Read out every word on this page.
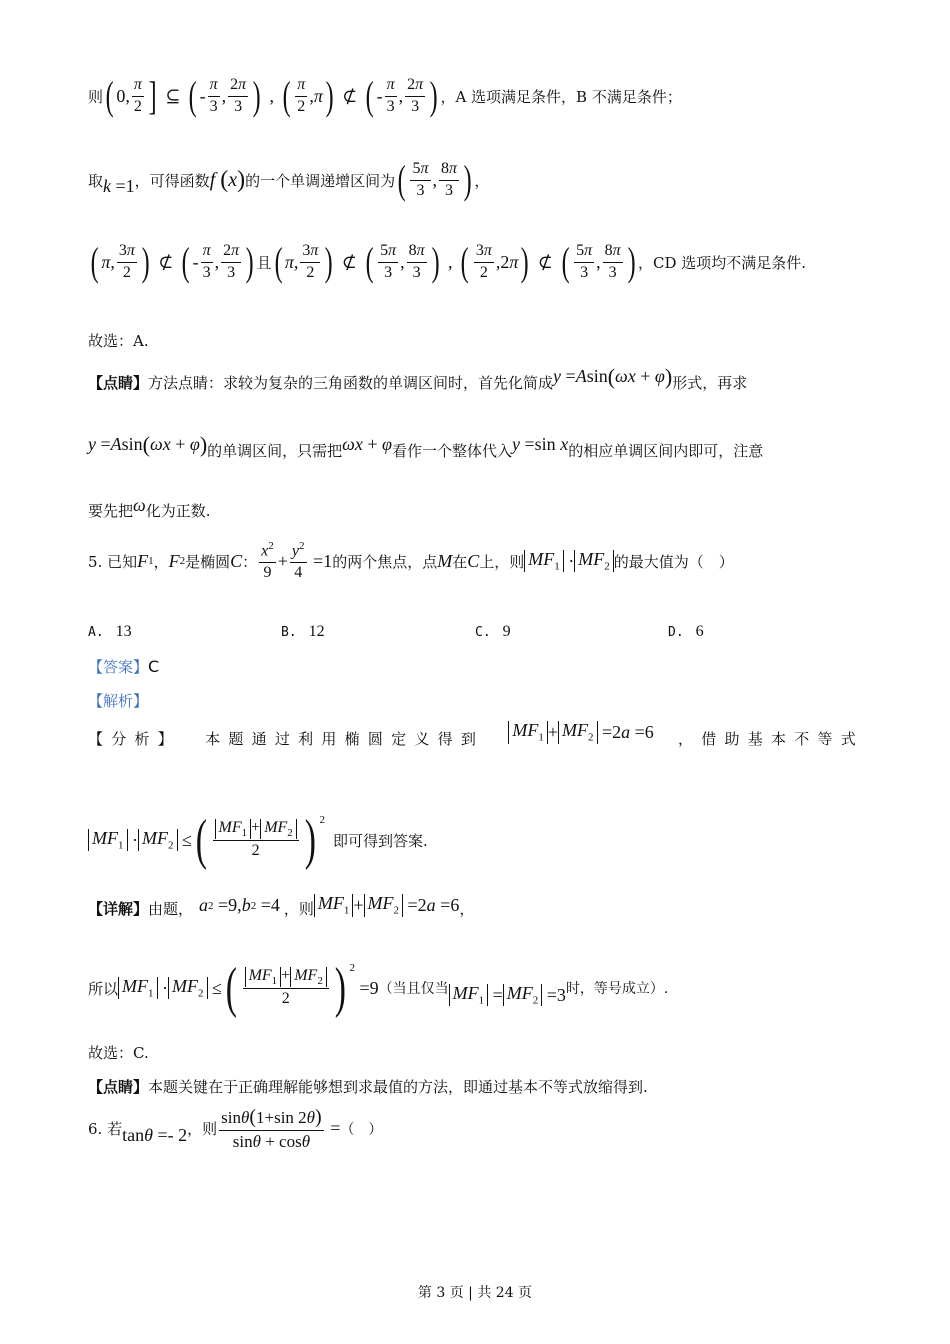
则 ( 0, $\frac{\pi}{2}$ ] ⊆ ( - $\frac{\pi}{3}$ , $\frac{2\pi}{3}$ ) , ( $\frac{\pi}{2}$ , π ) ⊄ ( - $\frac{\pi}{3}$ , $\frac{2\pi}{3}$ ) ，A 选项满足条件，B 不满足条件；
取 k =1 ，可得函数 f
( x ) 的一个单调递增区间为 ( $\frac{5\pi}{3}$ , $\frac{8\pi}{3}$ ) ，
( π , $\frac{3\pi}{2}$ ) ⊄ ( - $\frac{\pi}{3}$ , $\frac{2\pi}{3}$ ) 且 ( π , $\frac{3\pi}{2}$ ) ⊄ ( $\frac{5\pi}{3}$ , $\frac{8\pi}{3}$ ) , ( $\frac{3\pi}{2} ,2$ π ) ⊄ ( $\frac{5\pi}{3}$ , $\frac{8\pi}{3}$ ) ，CD 选项均不满足条件.
故选：A.
【点睛】 方法点睛：求较为复杂的三角函数的单调区间时，首先化简成 y = A sin ( ωx + φ ) 形式，再求
y = A sin ( ωx + φ ) 的单调区间，只需把 ωx + φ 看作一个整体代入 y =sin x 的相应单调区间内即可，注意
要先把 ω 化为正数.
5. 已知 F 1 ， F 2 是椭圆 C ： $\frac{x^2}{9} + \frac{y^2}{4} =1$ 的两个焦点，点 M 在 C 上，则 $MF_1 \cdot MF_2$ 的最大值为（　）
A. 13	B. 12	C. 9	D. 6
【答案】 C
【解析】
【分析】 本题通过利用椭圆定义得到 $MF_1 + MF_2 =2$ a =6 ，借助基本不等式
$MF_1 \cdot MF_2$ ≤ ( $\frac{MF_1 + MF_2}{2}$ ) $^2$
即可得到答案.
【详解】 由题， a 2 =9, b 2 =4 ，则 $MF_1 + MF_2 =2$ a =6 ，
所以 $MF_1 \cdot MF_2$ ≤ ( $\frac{MF_1 + MF_2}{2}$ ) $^2$
=9 （当且仅当 $MF_1 = MF_2 =3$ 时，等号成立）.
故选：C.
【点睛】 本题关键在于正确理解能够想到求最值的方法，即通过基本不等式放缩得到.
6. 若 tan θ =- 2 ，则 $\frac{\sin\theta(1+\sin 2\theta)}{\sin\theta + \cos\theta}$ = （　）
第 3 页 | 共 24 页
